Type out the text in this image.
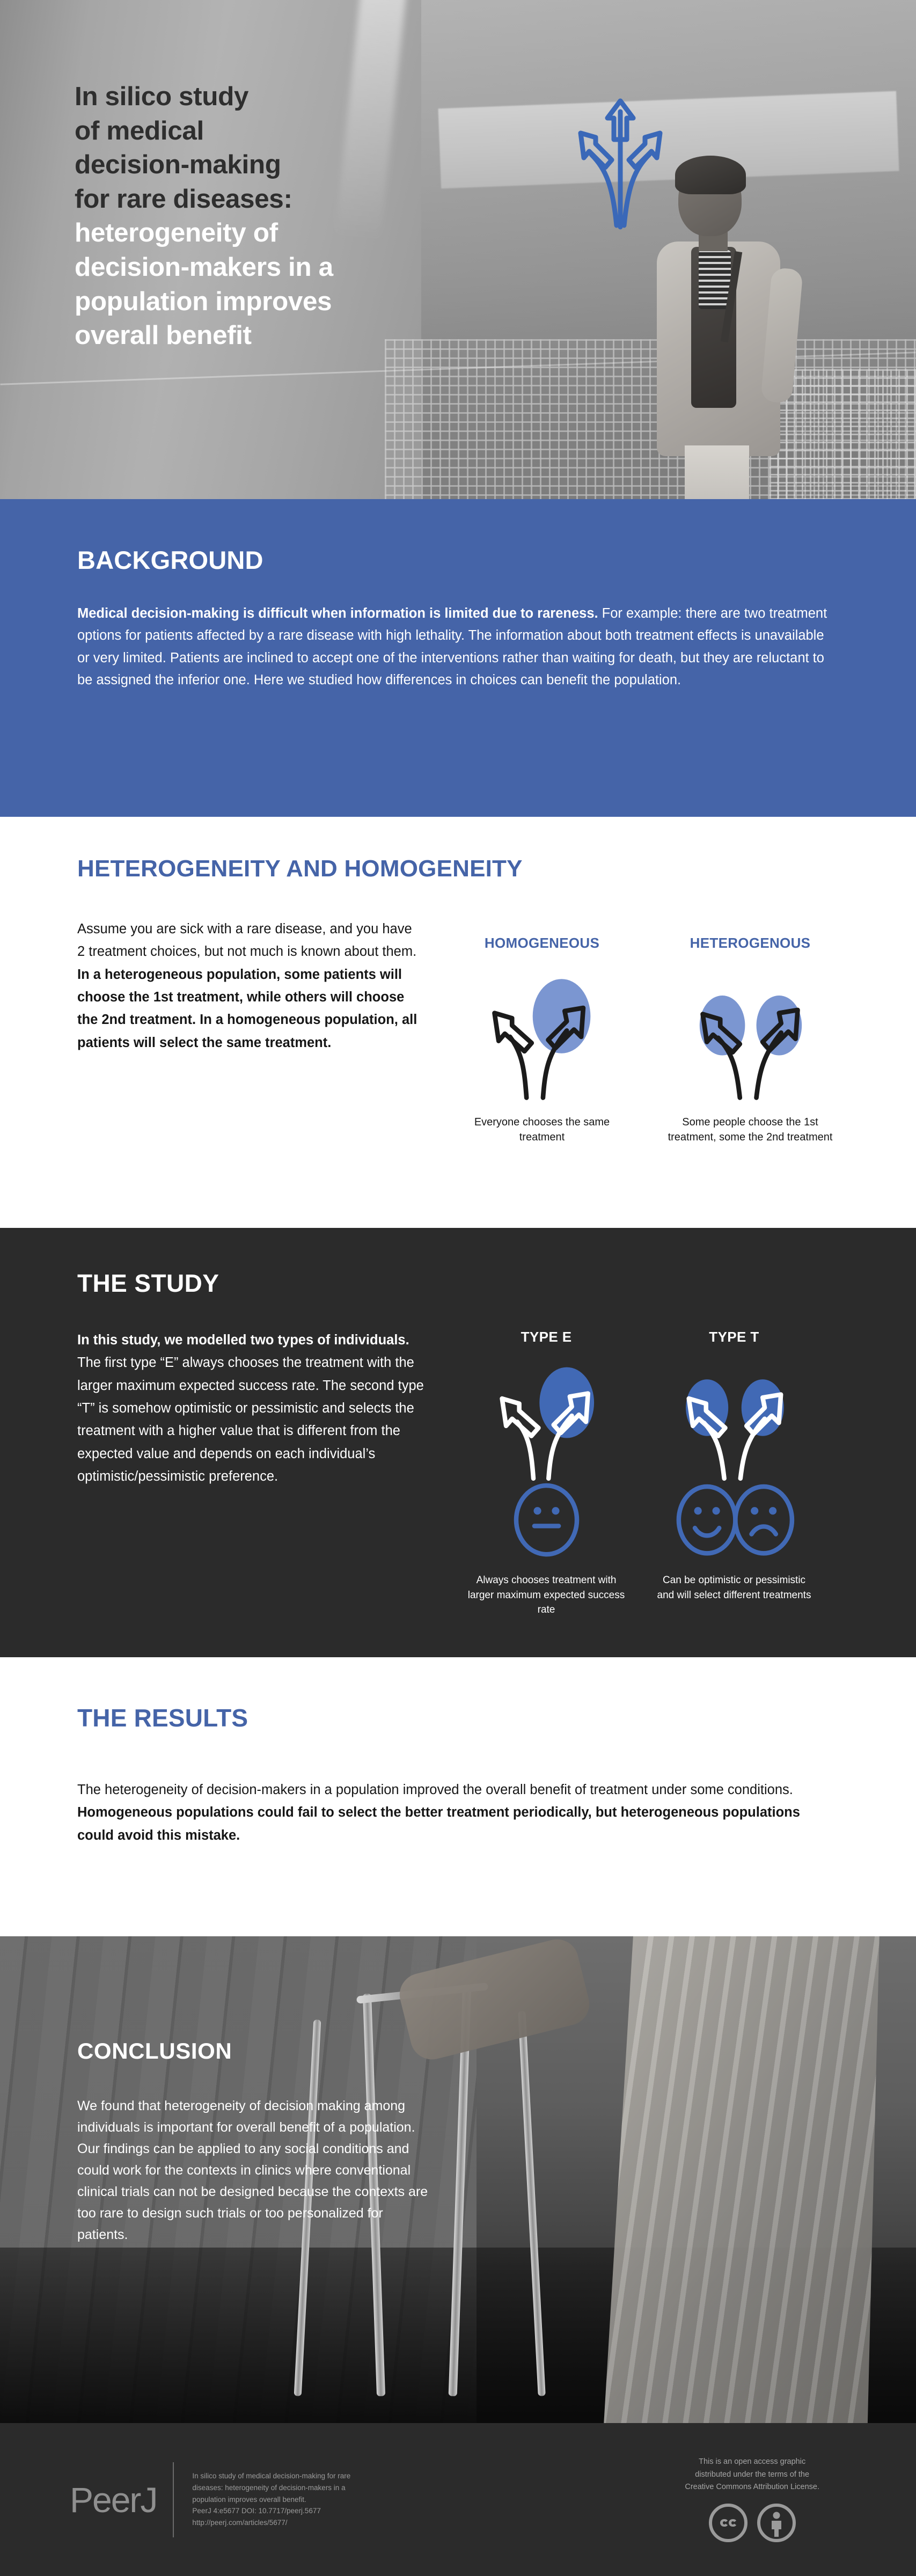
In silico study
of medical
decision-making
for rare diseases:
heterogeneity of
decision-makers in a
population improves
overall benefit
BACKGROUND

Medical decision-making is difficult when information is limited due to rareness. For example: there are two treatment options for patients affected by a rare disease with high lethality. The information about both treatment effects is unavailable or very limited. Patients are inclined to accept one of the interventions rather than waiting for death, but they are reluctant to be assigned the inferior one. Here we studied how differences in choices can benefit the population.

HETEROGENEITY AND HOMOGENEITY
Assume you are sick with a rare disease, and you have 2 treatment choices, but not much is known about them. In a heterogeneous population, some patients will choose the 1st treatment, while others will choose the 2nd treatment. In a homogeneous population, all patients will select the same treatment.
HOMOGENEOUS
Everyone chooses the same treatment
HETEROGENOUS
Some people choose the 1st treatment, some the 2nd treatment
THE STUDY
In this study, we modelled two types of individuals. The first type “E” always chooses the treatment with the larger maximum expected success rate. The second type “T” is somehow optimistic or pessimistic and selects the treatment with a higher value that is different from the expected value and depends on each individual’s optimistic/pessimistic preference.
TYPE E
Always chooses treatment with larger maximum expected success rate
TYPE T
Can be optimistic or pessimistic and will select different treatments
THE RESULTS

The heterogeneity of decision-makers in a population improved the overall benefit of treatment under some conditions. Homogeneous populations could fail to select the better treatment periodically, but heterogeneous populations could avoid this mistake.

CONCLUSION

We found that heterogeneity of decision making among individuals is important for overall benefit of a population. Our findings can be applied to any social conditions and could work for the contexts in clinics where conventional clinical trials can not be designed because the contexts are too rare to design such trials or too personalized for patients.

PeerJ
In silico study of medical decision-making for rare
diseases: heterogeneity of decision-makers in a
population improves overall benefit.
PeerJ 4:e5677 DOI: 10.7717/peerj.5677
http://peerj.com/articles/5677/
This is an open access graphic
distributed under the terms of the
Creative Commons Attribution License.
